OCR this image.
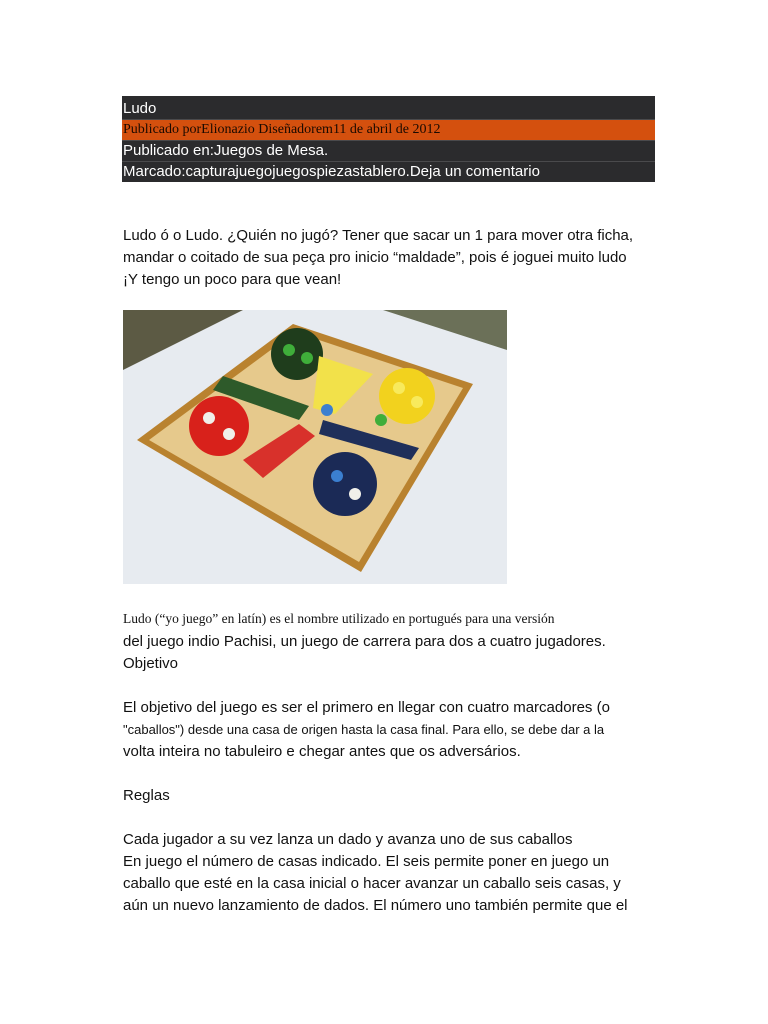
Ludo
Publicado porElionazio Diseñadorem11 de abril de 2012
Publicado en:Juegos de Mesa.
Marcado:capturajuegojuegospiezastablero.Deja un comentario

Ludo ó o Ludo. ¿Quién no jugó? Tener que sacar un 1 para mover otra ficha,

mandar o coitado de sua peça pro inicio “maldade”, pois é joguei muito ludo

¡Y tengo un poco para que vean!

Ludo (“yo juego” en latín) es el nombre utilizado en portugués para una versión

del juego indio Pachisi, un juego de carrera para dos a cuatro jugadores.

Objetivo

El objetivo del juego es ser el primero en llegar con cuatro marcadores (o

"caballos") desde una casa de origen hasta la casa final. Para ello, se debe dar a la

volta inteira no tabuleiro e chegar antes que os adversários.

Reglas

Cada jugador a su vez lanza un dado y avanza uno de sus caballos

En juego el número de casas indicado. El seis permite poner en juego un

caballo que esté en la casa inicial o hacer avanzar un caballo seis casas, y

aún un nuevo lanzamiento de dados. El número uno también permite que el
